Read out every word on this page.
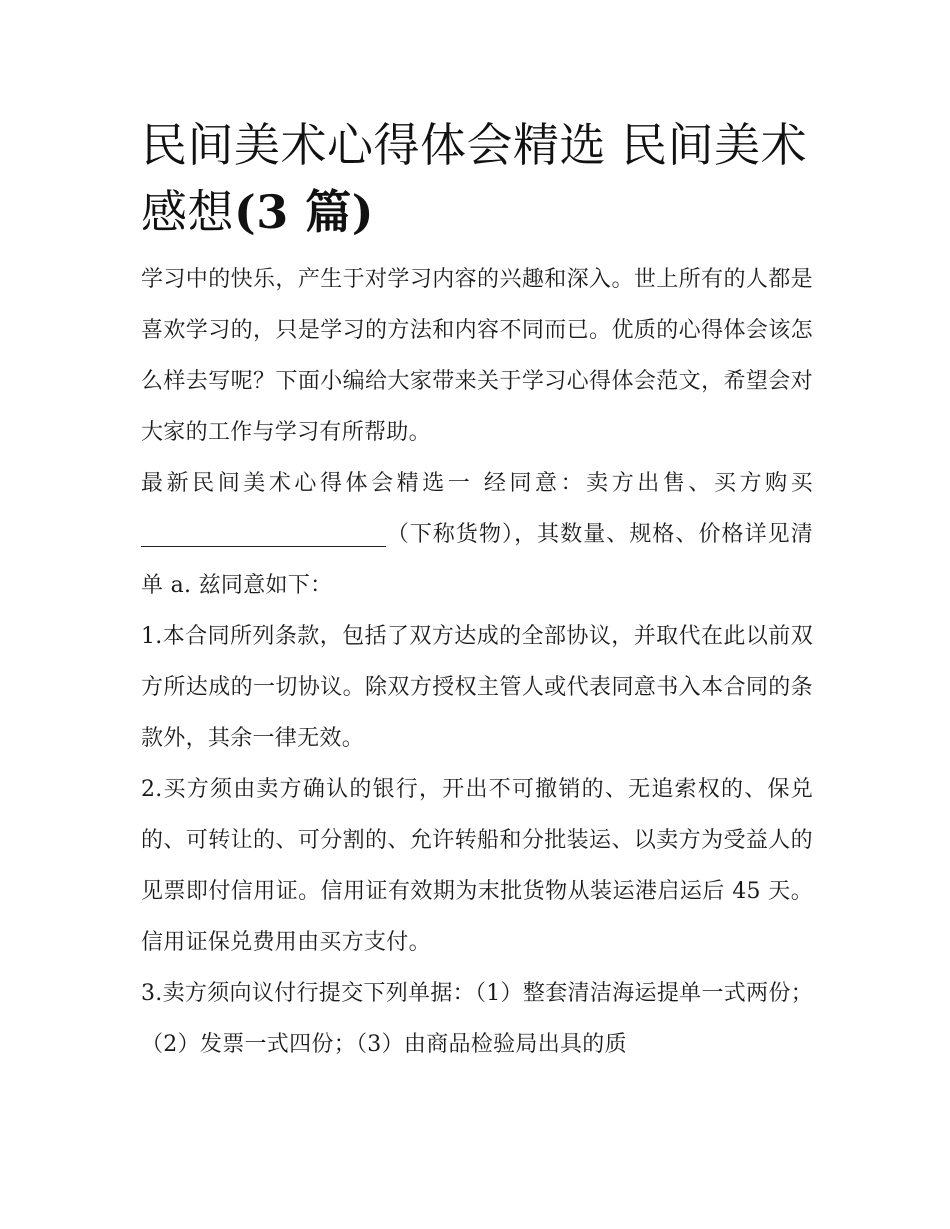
民间美术心得体会精选 民间美术感想(3 篇)

学习中的快乐，产生于对学习内容的兴趣和深入。世上所有的人都是喜欢学习的，只是学习的方法和内容不同而已。优质的心得体会该怎么样去写呢？下面小编给大家带来关于学习心得体会范文，希望会对大家的工作与学习有所帮助。

最新民间美术心得体会精选一 经同意：卖方出售、买方购买（下称货物），其数量、规格、价格详见清单 a. 兹同意如下：

1.本合同所列条款，包括了双方达成的全部协议，并取代在此以前双方所达成的一切协议。除双方授权主管人或代表同意书入本合同的条款外，其余一律无效。

2.买方须由卖方确认的银行，开出不可撤销的、无追索权的、保兑的、可转让的、可分割的、允许转船和分批装运、以卖方为受益人的见票即付信用证。信用证有效期为末批货物从装运港启运后 45 天。信用证保兑费用由买方支付。

3.卖方须向议付行提交下列单据：（1）整套清洁海运提单一式两份；（2）发票一式四份；（3）由商品检验局出具的质
